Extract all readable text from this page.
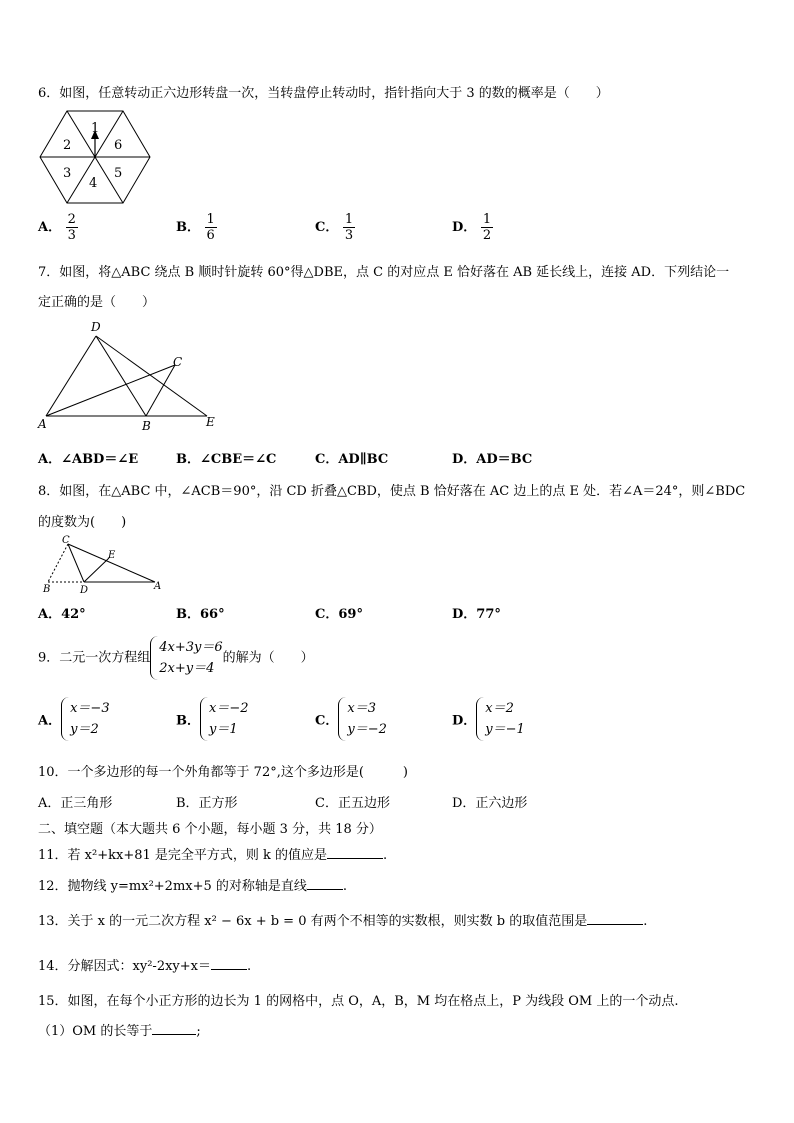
6．如图，任意转动正六边形转盘一次，当转盘停止转动时，指针指向大于 3 的数的概率是（　　）
1
6
5
4
3
2
A． $\frac{2}{3}$	B． $\frac{1}{6}$	C． $\frac{1}{3}$	D． $\frac{1}{2}$
7．如图，将△ABC 绕点 B 顺时针旋转 60°得△DBE，点 C 的对应点 E 恰好落在 AB 延长线上，连接 AD．下列结论一
定正确的是（　　）
D
C
A	B	E
A．∠ABD＝∠E	B．∠CBE＝∠C	C．AD∥BC	D．AD＝BC
8．如图，在△ABC 中，∠ACB＝90°，沿 CD 折叠△CBD，使点 B 恰好落在 AC 边上的点 E 处．若∠A＝24°，则∠BDC
的度数为(　　)
C
E
B	D	A
A．42°	B．66°	C．69°	D．77°
9．二元一次方程组
4x+3y＝6
2x+y＝4
的解为（　　）
A．
x＝−3
y＝2
B．
x＝−2
y＝1
C．
x＝3
y＝−2
D．
x＝2
y＝−1
10．一个多边形的每一个外角都等于 72°,这个多边形是(　　　)
A．正三角形	B．正方形	C．正五边形	D．正六边形
二、填空题（本大题共 6 个小题，每小题 3 分，共 18 分）
11．若 x²+kx+81 是完全平方式，则 k 的值应是	.
12．抛物线 y=mx²+2mx+5 的对称轴是直线	.
13．关于 x 的一元二次方程 x² − 6x + b = 0 有两个不相等的实数根，则实数 b 的取值范围是	.
14．分解因式：xy²-2xy+x＝	.
15．如图，在每个小正方形的边长为 1 的网格中，点 O，A，B，M 均在格点上，P 为线段 OM 上的一个动点.
（1）OM 的长等于	;
